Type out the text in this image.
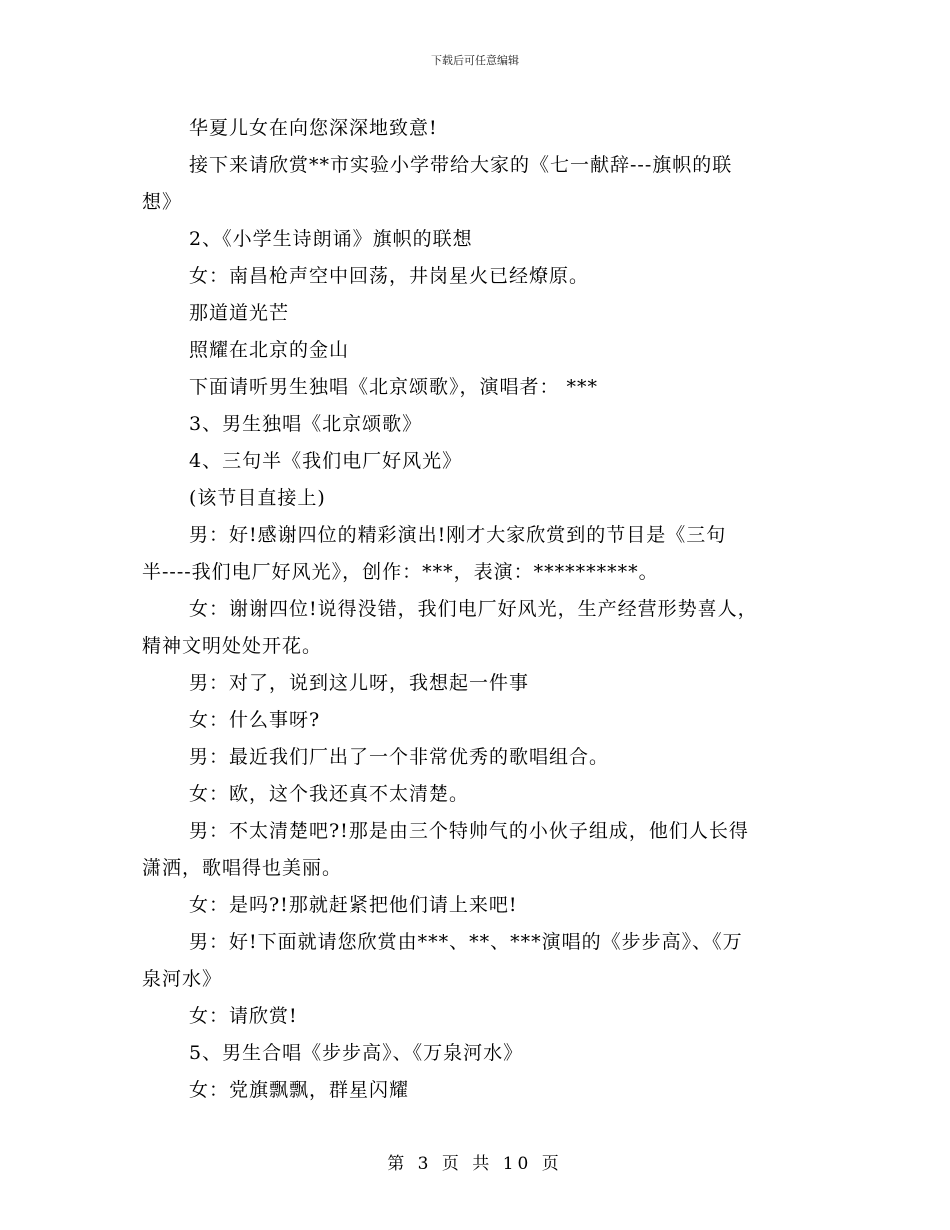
下载后可任意编辑
华夏儿女在向您深深地致意!
接下来请欣赏**市实验小学带给大家的《七一献辞---旗帜的联
想》
2、《小学生诗朗诵》旗帜的联想
女：南昌枪声空中回荡，井岗星火已经燎原。
那道道光芒
照耀在北京的金山
下面请听男生独唱《北京颂歌》，演唱者： ***
3、男生独唱《北京颂歌》
4、三句半《我们电厂好风光》
(该节目直接上)
男：好!感谢四位的精彩演出!刚才大家欣赏到的节目是《三句
半----我们电厂好风光》，创作：***，表演：**********。
女：谢谢四位!说得没错，我们电厂好风光，生产经营形势喜人，
精神文明处处开花。
男：对了，说到这儿呀，我想起一件事
女：什么事呀?
男：最近我们厂出了一个非常优秀的歌唱组合。
女：欧，这个我还真不太清楚。
男：不太清楚吧?!那是由三个特帅气的小伙子组成，他们人长得
潇洒，歌唱得也美丽。
女：是吗?!那就赶紧把他们请上来吧!
男：好!下面就请您欣赏由***、**、***演唱的《步步高》、《万
泉河水》
女：请欣赏!
5、男生合唱《步步高》、《万泉河水》
女：党旗飘飘，群星闪耀
第 3 页 共 10 页
